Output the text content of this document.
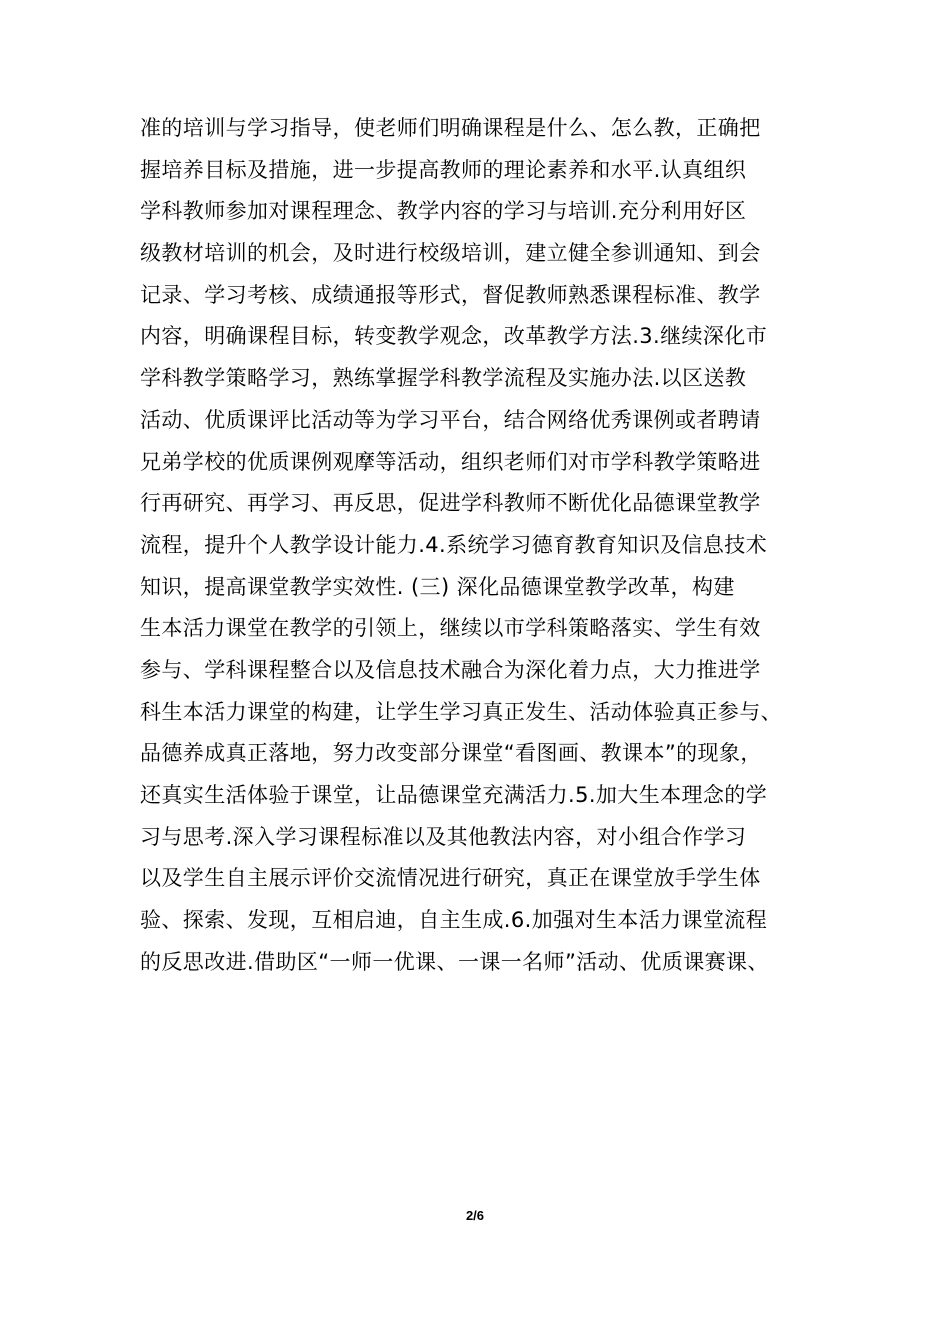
准的培训与学习指导，使老师们明确课程是什么、怎么教，正确把
握培养目标及措施，进一步提高教师的理论素养和水平.认真组织
学科教师参加对课程理念、教学内容的学习与培训.充分利用好区
级教材培训的机会，及时进行校级培训，建立健全参训通知、到会
记录、学习考核、成绩通报等形式，督促教师熟悉课程标准、教学
内容，明确课程目标，转变教学观念，改革教学方法.3.继续深化市
学科教学策略学习，熟练掌握学科教学流程及实施办法.以区送教
活动、优质课评比活动等为学习平台，结合网络优秀课例或者聘请
兄弟学校的优质课例观摩等活动，组织老师们对市学科教学策略进
行再研究、再学习、再反思，促进学科教师不断优化品德课堂教学
流程，提升个人教学设计能力.4.系统学习德育教育知识及信息技术
知识，提高课堂教学实效性. (三) 深化品德课堂教学改革，构建
生本活力课堂在教学的引领上，继续以市学科策略落实、学生有效
参与、学科课程整合以及信息技术融合为深化着力点，大力推进学
科生本活力课堂的构建，让学生学习真正发生、活动体验真正参与、
品德养成真正落地，努力改变部分课堂“看图画、教课本”的现象，
还真实生活体验于课堂，让品德课堂充满活力.5.加大生本理念的学
习与思考.深入学习课程标准以及其他教法内容，对小组合作学习
以及学生自主展示评价交流情况进行研究，真正在课堂放手学生体
验、探索、发现，互相启迪，自主生成.6.加强对生本活力课堂流程
的反思改进.借助区“一师一优课、一课一名师”活动、优质课赛课、
2/6
